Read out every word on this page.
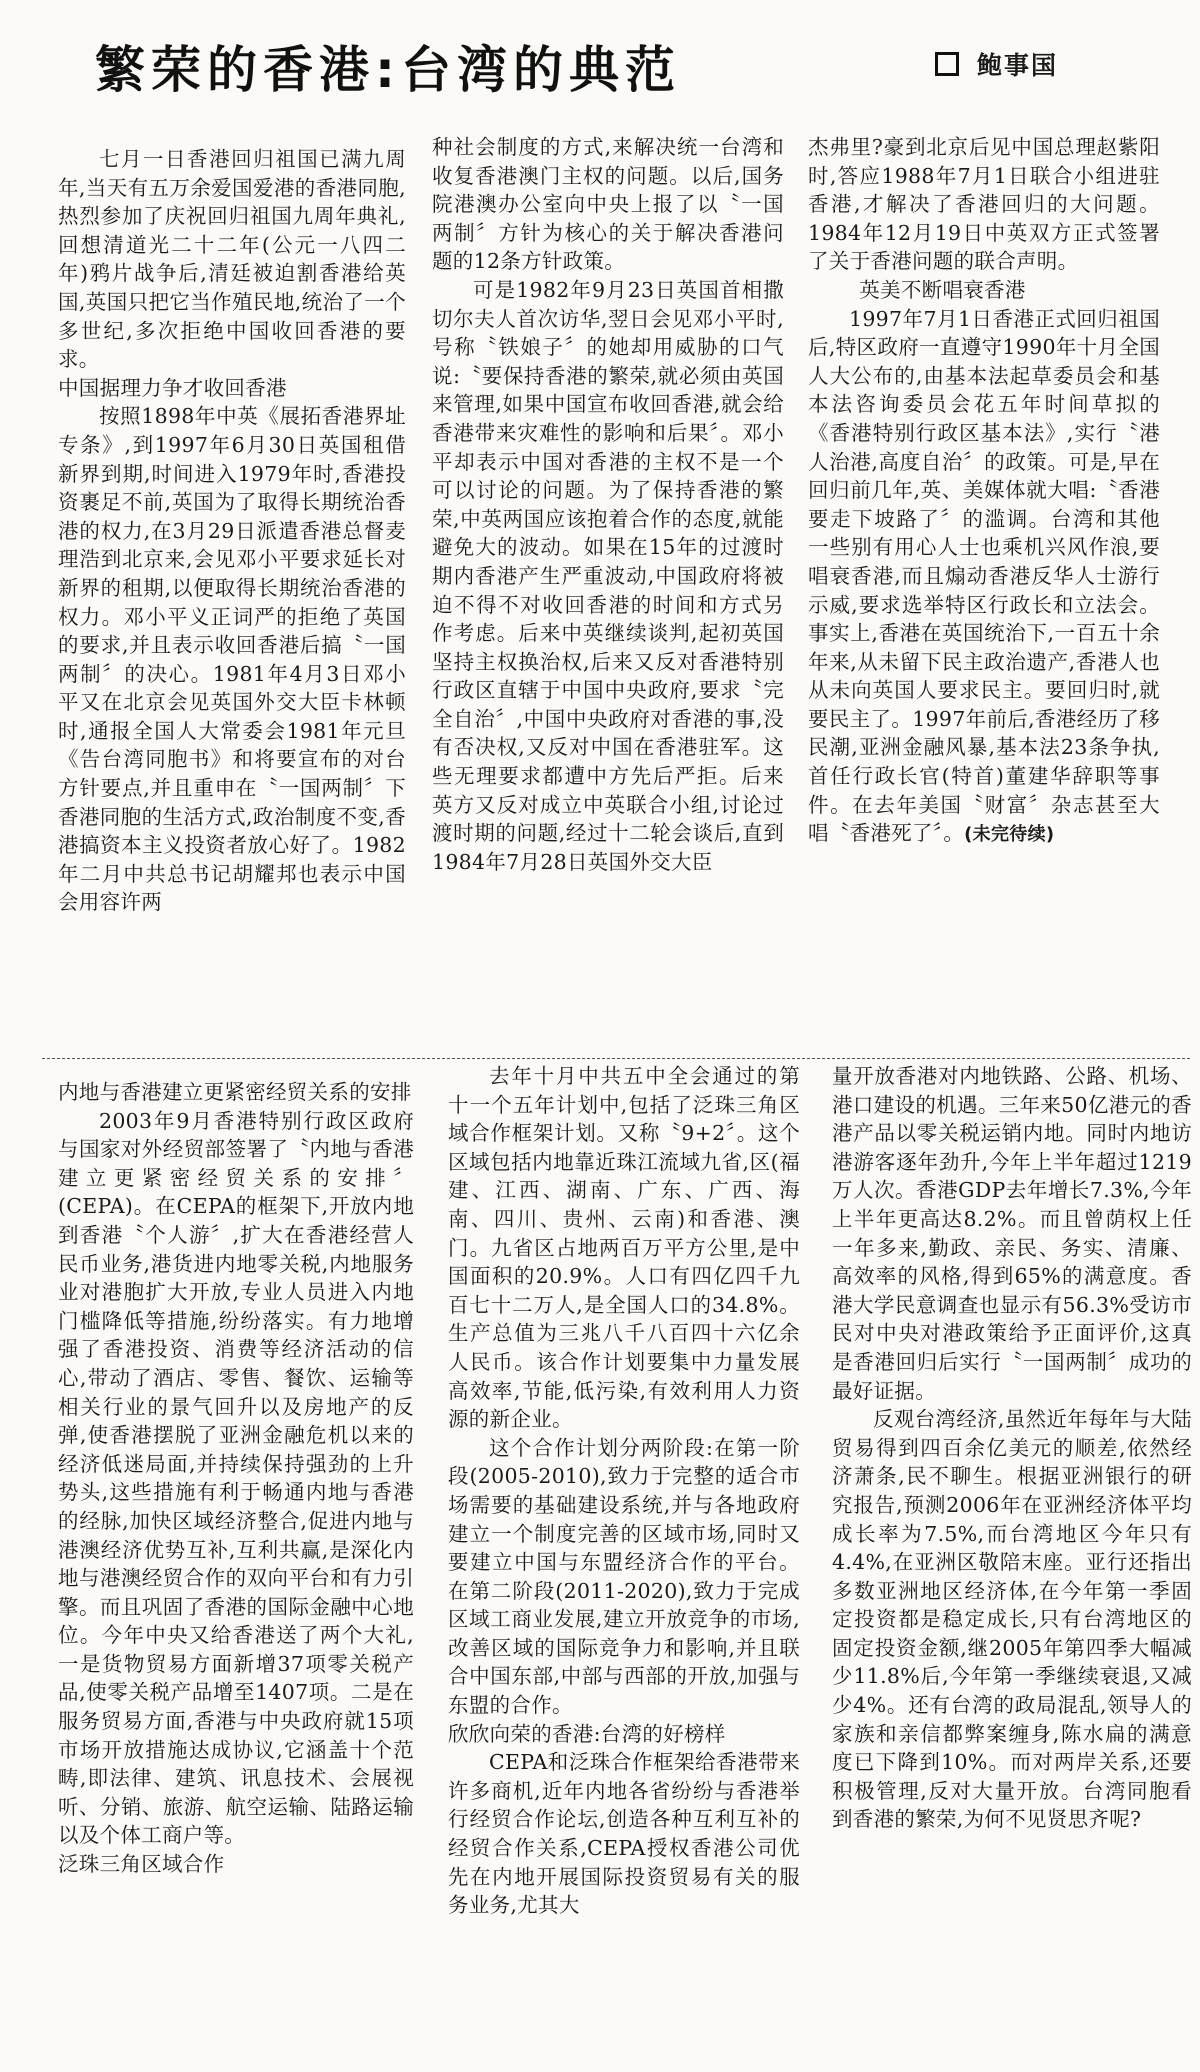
繁荣的香港:台湾的典范	鲍事国

七月一日香港回归祖国已满九周年,当天有五万余爱国爱港的香港同胞,热烈参加了庆祝回归祖国九周年典礼,回想清道光二十二年(公元一八四二年)鸦片战争后,清廷被迫割香港给英国,英国只把它当作殖民地,统治了一个多世纪,多次拒绝中国收回香港的要求。

中国据理力争才收回香港

按照1898年中英《展拓香港界址专条》,到1997年6月30日英国租借新界到期,时间进入1979年时,香港投资裹足不前,英国为了取得长期统治香港的权力,在3月29日派遣香港总督麦理浩到北京来,会见邓小平要求延长对新界的租期,以便取得长期统治香港的权力。邓小平义正词严的拒绝了英国的要求,并且表示收回香港后搞〝一国两制〞的决心。1981年4月3日邓小平又在北京会见英国外交大臣卡林顿时,通报全国人大常委会1981年元旦《告台湾同胞书》和将要宣布的对台方针要点,并且重申在〝一国两制〞下香港同胞的生活方式,政治制度不变,香港搞资本主义投资者放心好了。1982年二月中共总书记胡耀邦也表示中国会用容许两

种社会制度的方式,来解决统一台湾和收复香港澳门主权的问题。以后,国务院港澳办公室向中央上报了以〝一国两制〞方针为核心的关于解决香港问题的12条方针政策。

可是1982年9月23日英国首相撒切尔夫人首次访华,翌日会见邓小平时,号称〝铁娘子〞的她却用威胁的口气说:〝要保持香港的繁荣,就必须由英国来管理,如果中国宣布收回香港,就会给香港带来灾难性的影响和后果〞。邓小平却表示中国对香港的主权不是一个可以讨论的问题。为了保持香港的繁荣,中英两国应该抱着合作的态度,就能避免大的波动。如果在15年的过渡时期内香港产生严重波动,中国政府将被迫不得不对收回香港的时间和方式另作考虑。后来中英继续谈判,起初英国坚持主权换治权,后来又反对香港特别行政区直辖于中国中央政府,要求〝完全自治〞,中国中央政府对香港的事,没有否决权,又反对中国在香港驻军。这些无理要求都遭中方先后严拒。后来英方又反对成立中英联合小组,讨论过渡时期的问题,经过十二轮会谈后,直到1984年7月28日英国外交大臣

杰弗里?豪到北京后见中国总理赵紫阳时,答应1988年7月1日联合小组进驻香港,才解决了香港回归的大问题。1984年12月19日中英双方正式签署了关于香港问题的联合声明。
英美不断唱衰香港

1997年7月1日香港正式回归祖国后,特区政府一直遵守1990年十月全国人大公布的,由基本法起草委员会和基本法咨询委员会花五年时间草拟的《香港特别行政区基本法》,实行〝港人治港,高度自治〞的政策。可是,早在回归前几年,英、美媒体就大唱:〝香港要走下坡路了〞的滥调。台湾和其他一些别有用心人士也乘机兴风作浪,要唱衰香港,而且煽动香港反华人士游行示威,要求选举特区行政长和立法会。事实上,香港在英国统治下,一百五十余年来,从未留下民主政治遗产,香港人也从未向英国人要求民主。要回归时,就要民主了。1997年前后,香港经历了移民潮,亚洲金融风暴,基本法23条争执,首任行政长官(特首)董建华辞职等事件。在去年美国〝财富〞杂志甚至大唱〝香港死了〞。(未完待续)

内地与香港建立更紧密经贸关系的安排

2003年9月香港特别行政区政府与国家对外经贸部签署了〝内地与香港建立更紧密经贸关系的安排〞(CEPA)。在CEPA的框架下,开放内地到香港〝个人游〞,扩大在香港经营人民币业务,港货进内地零关税,内地服务业对港胞扩大开放,专业人员进入内地门槛降低等措施,纷纷落实。有力地增强了香港投资、消费等经济活动的信心,带动了酒店、零售、餐饮、运输等相关行业的景气回升以及房地产的反弹,使香港摆脱了亚洲金融危机以来的经济低迷局面,并持续保持强劲的上升势头,这些措施有利于畅通内地与香港的经脉,加快区域经济整合,促进内地与港澳经济优势互补,互利共赢,是深化内地与港澳经贸合作的双向平台和有力引擎。而且巩固了香港的国际金融中心地位。今年中央又给香港送了两个大礼,一是货物贸易方面新增37项零关税产品,使零关税产品增至1407项。二是在服务贸易方面,香港与中央政府就15项市场开放措施达成协议,它涵盖十个范畴,即法律、建筑、讯息技术、会展视听、分销、旅游、航空运输、陆路运输以及个体工商户等。

泛珠三角区域合作

去年十月中共五中全会通过的第十一个五年计划中,包括了泛珠三角区域合作框架计划。又称〝9+2〞。这个区域包括内地靠近珠江流域九省,区(福建、江西、湖南、广东、广西、海南、四川、贵州、云南)和香港、澳门。九省区占地两百万平方公里,是中国面积的20.9%。人口有四亿四千九百七十二万人,是全国人口的34.8%。生产总值为三兆八千八百四十六亿余人民币。该合作计划要集中力量发展高效率,节能,低污染,有效利用人力资源的新企业。

这个合作计划分两阶段:在第一阶段(2005-2010),致力于完整的适合市场需要的基础建设系统,并与各地政府建立一个制度完善的区域市场,同时又要建立中国与东盟经济合作的平台。在第二阶段(2011-2020),致力于完成区域工商业发展,建立开放竞争的市场,改善区域的国际竞争力和影响,并且联合中国东部,中部与西部的开放,加强与东盟的合作。

欣欣向荣的香港:台湾的好榜样

CEPA和泛珠合作框架给香港带来许多商机,近年内地各省纷纷与香港举行经贸合作论坛,创造各种互利互补的经贸合作关系,CEPA授权香港公司优先在内地开展国际投资贸易有关的服务业务,尤其大

量开放香港对内地铁路、公路、机场、港口建设的机遇。三年来50亿港元的香港产品以零关税运销内地。同时内地访港游客逐年劲升,今年上半年超过1219万人次。香港GDP去年增长7.3%,今年上半年更高达8.2%。而且曾荫权上任一年多来,勤政、亲民、务实、清廉、高效率的风格,得到65%的满意度。香港大学民意调查也显示有56.3%受访市民对中央对港政策给予正面评价,这真是香港回归后实行〝一国两制〞成功的最好证据。

反观台湾经济,虽然近年每年与大陆贸易得到四百余亿美元的顺差,依然经济萧条,民不聊生。根据亚洲银行的研究报告,预测2006年在亚洲经济体平均成长率为7.5%,而台湾地区今年只有4.4%,在亚洲区敬陪末座。亚行还指出多数亚洲地区经济体,在今年第一季固定投资都是稳定成长,只有台湾地区的固定投资金额,继2005年第四季大幅减少11.8%后,今年第一季继续衰退,又减少4%。还有台湾的政局混乱,领导人的家族和亲信都弊案缠身,陈水扁的满意度已下降到10%。而对两岸关系,还要积极管理,反对大量开放。台湾同胞看到香港的繁荣,为何不见贤思齐呢?
